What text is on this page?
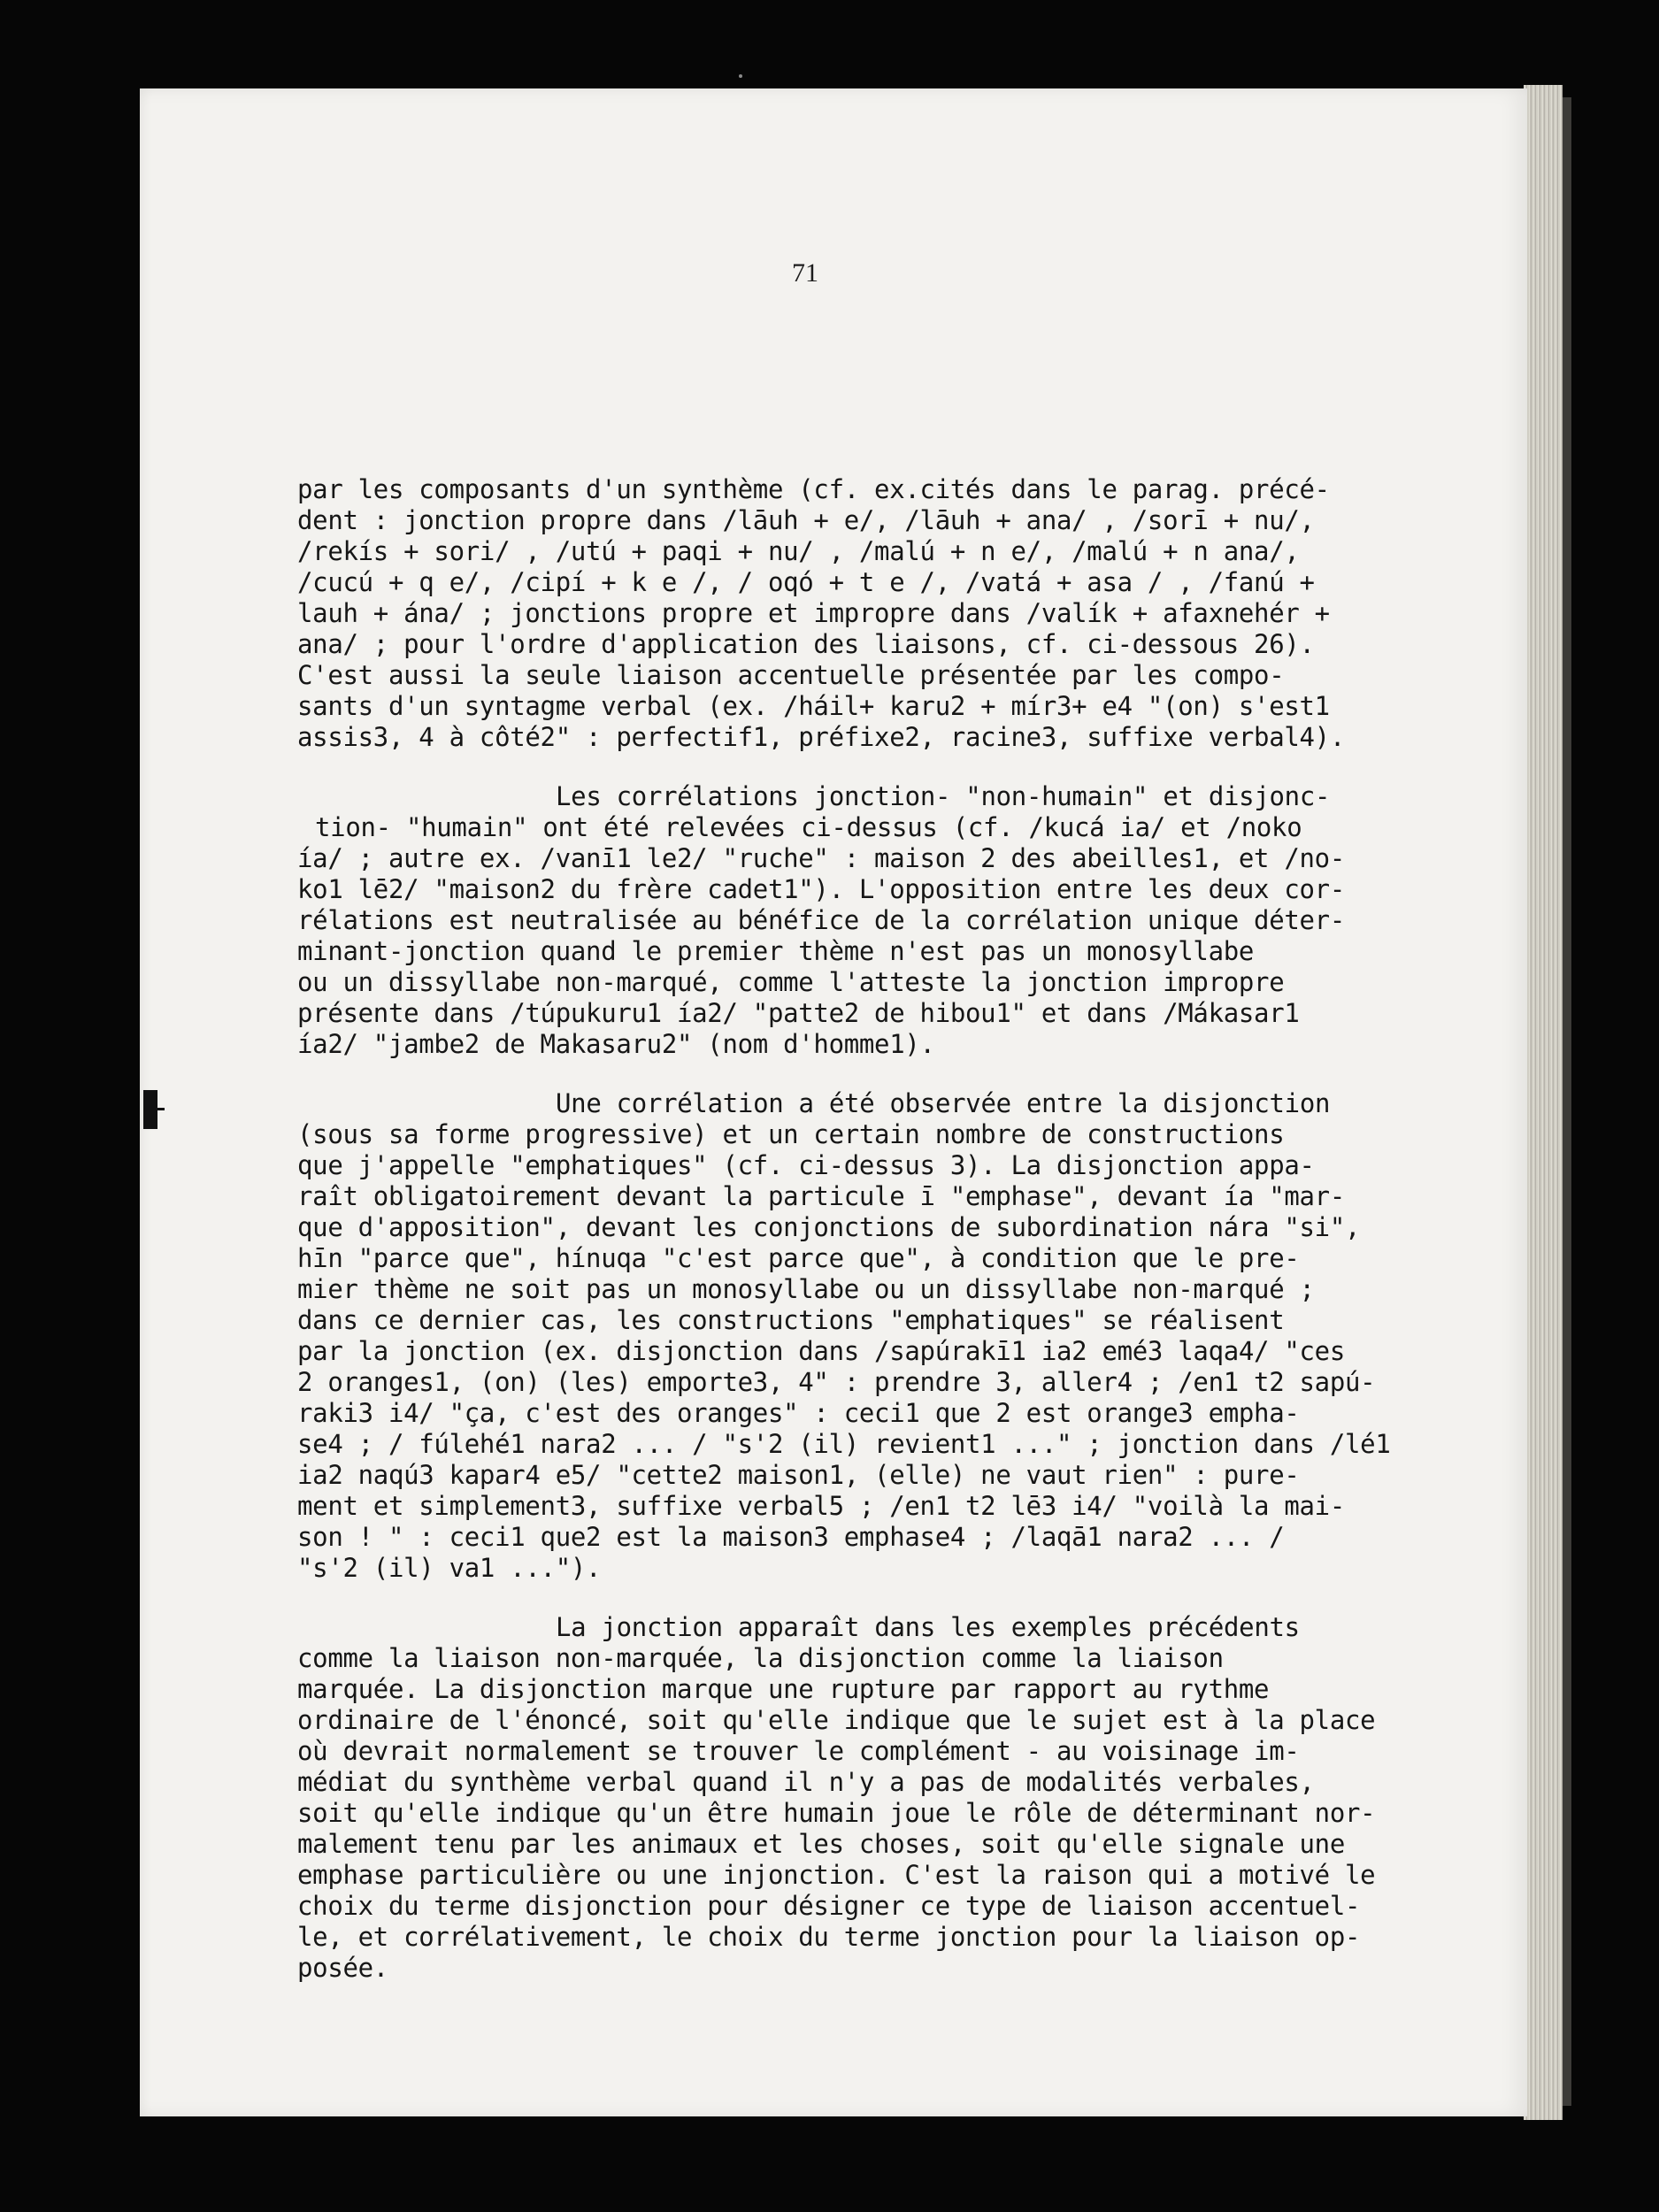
71

par les composants d'un synthème (cf. ex.cités dans le parag. précé-
dent : jonction propre dans /lāuh + e/, /lāuh + ana/ , /sorī + nu/,
/rekís + sori/ , /utú + paqi + nu/ , /malú + n e/, /malú + n ana/,
/cucú + q e/, /cipí + k e /, / oqó + t e /, /vatá + asa / , /fanú +
lauh + ána/ ; jonctions propre et impropre dans /valík + afaxnehér +
ana/ ; pour l'ordre d'application des liaisons, cf. ci-dessous 26).
C'est aussi la seule liaison accentuelle présentée par les compo-
sants d'un syntagme verbal (ex. /háil+ karu2 + mír3+ e4 "(on) s'est1
assis3, 4 à côté2" : perfectif1, préfixe2, racine3, suffixe verbal4).

Les corrélations jonction- "non-humain" et disjonc-
tion- "humain" ont été relevées ci-dessus (cf. /kucá ia/ et /noko
ía/ ; autre ex. /vanī1 le2/ "ruche" : maison 2 des abeilles1, et /no-
ko1 lē2/ "maison2 du frère cadet1"). L'opposition entre les deux cor-
rélations est neutralisée au bénéfice de la corrélation unique déter-
minant-jonction quand le premier thème n'est pas un monosyllabe
ou un dissyllabe non-marqué, comme l'atteste la jonction impropre
présente dans /túpukuru1 ía2/ "patte2 de hibou1" et dans /Mákasar1
ía2/ "jambe2 de Makasaru2" (nom d'homme1).

Une corrélation a été observée entre la disjonction
(sous sa forme progressive) et un certain nombre de constructions
que j'appelle "emphatiques" (cf. ci-dessus 3). La disjonction appa-
raît obligatoirement devant la particule ī "emphase", devant ía "mar-
que d'apposition", devant les conjonctions de subordination nára "si",
hīn "parce que", hínuqa "c'est parce que", à condition que le pre-
mier thème ne soit pas un monosyllabe ou un dissyllabe non-marqué ;
dans ce dernier cas, les constructions "emphatiques" se réalisent
par la jonction (ex. disjonction dans /sapúrakī1 ia2 emé3 laqa4/ "ces
2 oranges1, (on) (les) emporte3, 4" : prendre 3, aller4 ; /en1 t2 sapú-
raki3 i4/ "ça, c'est des oranges" : ceci1 que 2 est orange3 empha-
se4 ; / fúlehé1 nara2 ... / "s'2 (il) revient1 ..." ; jonction dans /lé1
ia2 naqú3 kapar4 e5/ "cette2 maison1, (elle) ne vaut rien" : pure-
ment et simplement3, suffixe verbal5 ; /en1 t2 lē3 i4/ "voilà la mai-
son ! " : ceci1 que2 est la maison3 emphase4 ; /laqā1 nara2 ... /
"s'2 (il) va1 ...").

La jonction apparaît dans les exemples précédents
comme la liaison non-marquée, la disjonction comme la liaison
marquée. La disjonction marque une rupture par rapport au rythme
ordinaire de l'énoncé, soit qu'elle indique que le sujet est à la place
où devrait normalement se trouver le complément - au voisinage im-
médiat du synthème verbal quand il n'y a pas de modalités verbales,
soit qu'elle indique qu'un être humain joue le rôle de déterminant nor-
malement tenu par les animaux et les choses, soit qu'elle signale une
emphase particulière ou une injonction. C'est la raison qui a motivé le
choix du terme disjonction pour désigner ce type de liaison accentuel-
le, et corrélativement, le choix du terme jonction pour la liaison op-
posée.
